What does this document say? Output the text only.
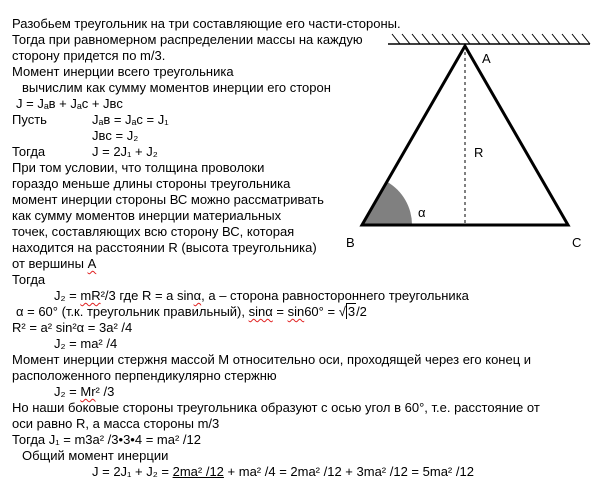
Разобьем треугольник на три составляющие его части-стороны.
Тогда при равномерном распределении массы на каждую
сторону придется по m/3.
Момент инерции всего треугольника
вычислим как сумму моментов инерции его сторон
J = Jₐʙ + Jₐc + Jʙc
Пусть	Jₐʙ = Jₐc = J₁
Jʙc = J₂
Тогда	J = 2J₁ + J₂
При том условии, что толщина проволоки
гораздо меньше длины стороны треугольника
момент инерции стороны ВС можно рассматривать
как сумму моментов инерции материальных
точек, составляющих всю сторону ВС, которая
находится на расстоянии R (высота треугольника)
от вершины А
Тогда
J₂ = mR²/3 где R = a sinα, a – сторона равностороннего треугольника
α = 60° (т.к. треугольник правильный), sinα = sin60° = √ 3/2
R² = a² sin²α = 3a² /4
J₂ = ma² /4
Момент инерции стержня массой М относительно оси, проходящей через его конец и
расположенного перпендикулярно стержню
J₂ = Mr² /3
Но наши боковые стороны треугольника образуют с осью угол в 60°, т.е. расстояние от
оси равно R, а масса стороны m/3
Тогда J₁ = m3a² /3•3•4 = ma² /12
Общий момент инерции
J = 2J₁ + J₂ = 2ma² /12 + ma² /4 = 2ma² /12 + 3ma² /12 = 5ma² /12
A
B	C
R
α
